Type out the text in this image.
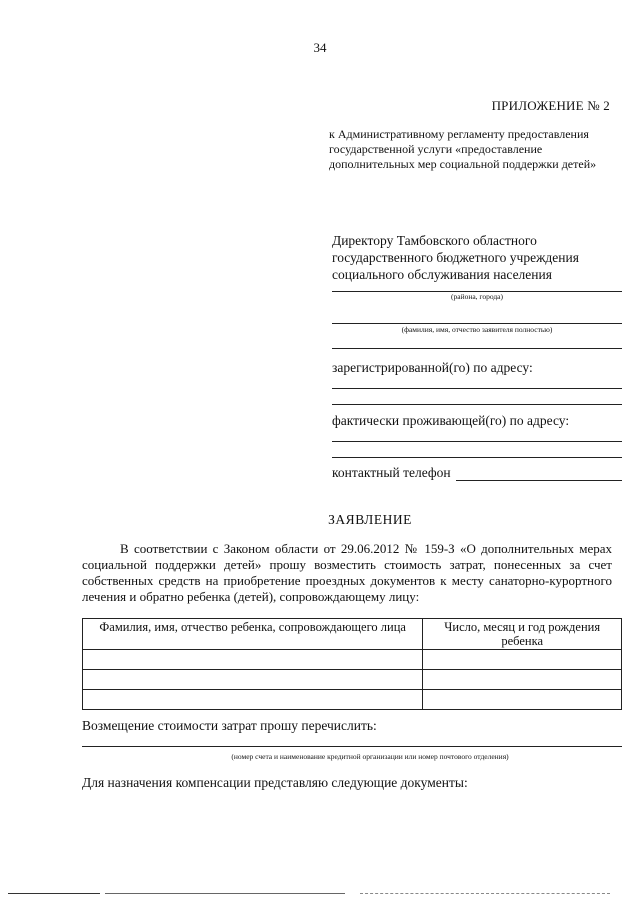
34
ПРИЛОЖЕНИЕ № 2
к Административному регламенту предоставления государственной услуги «предоставление дополнительных мер социальной поддержки детей»
Директору Тамбовского областного государственного бюджетного учреждения социального обслуживания населения
(района, города)
(фамилия, имя, отчество заявителя полностью)
зарегистрированной(го) по адресу:
фактически проживающей(го) по адресу:
контактный телефон
ЗАЯВЛЕНИЕ
В соответствии с Законом области от 29.06.2012 № 159-З «О дополнительных мерах социальной поддержки детей» прошу возместить стоимость затрат, понесенных за счет собственных средств на приобретение проездных документов к месту санаторно-курортного лечения и обратно ребенка (детей), сопровождающему лицу:
Фамилия, имя, отчество ребенка, сопровождающего лица	Число, месяц и год рождения ребенка

Возмещение стоимости затрат прошу перечислить:
(номер счета и наименование кредитной организации или номер почтового отделения)
Для назначения компенсации представляю следующие документы:
